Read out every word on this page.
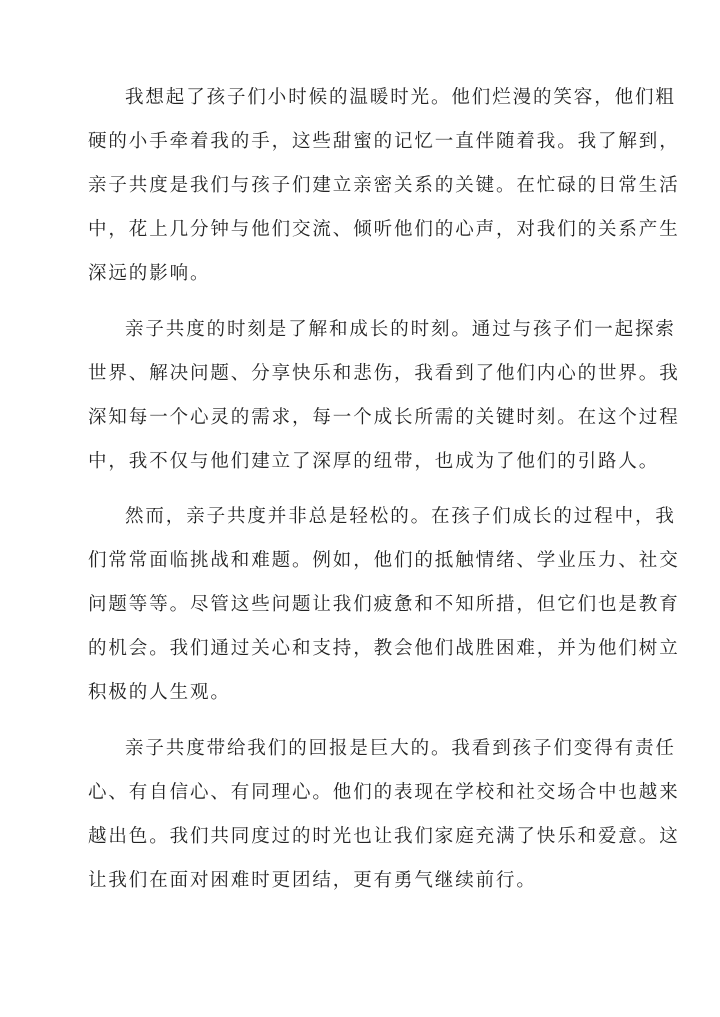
我想起了孩子们小时候的温暖时光。他们烂漫的笑容，他们粗
硬的小手牵着我的手，这些甜蜜的记忆一直伴随着我。我了解到，
亲子共度是我们与孩子们建立亲密关系的关键。在忙碌的日常生活
中，花上几分钟与他们交流、倾听他们的心声，对我们的关系产生
深远的影响。
亲子共度的时刻是了解和成长的时刻。通过与孩子们一起探索
世界、解决问题、分享快乐和悲伤，我看到了他们内心的世界。我
深知每一个心灵的需求，每一个成长所需的关键时刻。在这个过程
中，我不仅与他们建立了深厚的纽带，也成为了他们的引路人。
然而，亲子共度并非总是轻松的。在孩子们成长的过程中，我
们常常面临挑战和难题。例如，他们的抵触情绪、学业压力、社交
问题等等。尽管这些问题让我们疲惫和不知所措，但它们也是教育
的机会。我们通过关心和支持，教会他们战胜困难，并为他们树立
积极的人生观。
亲子共度带给我们的回报是巨大的。我看到孩子们变得有责任
心、有自信心、有同理心。他们的表现在学校和社交场合中也越来
越出色。我们共同度过的时光也让我们家庭充满了快乐和爱意。这
让我们在面对困难时更团结，更有勇气继续前行。
